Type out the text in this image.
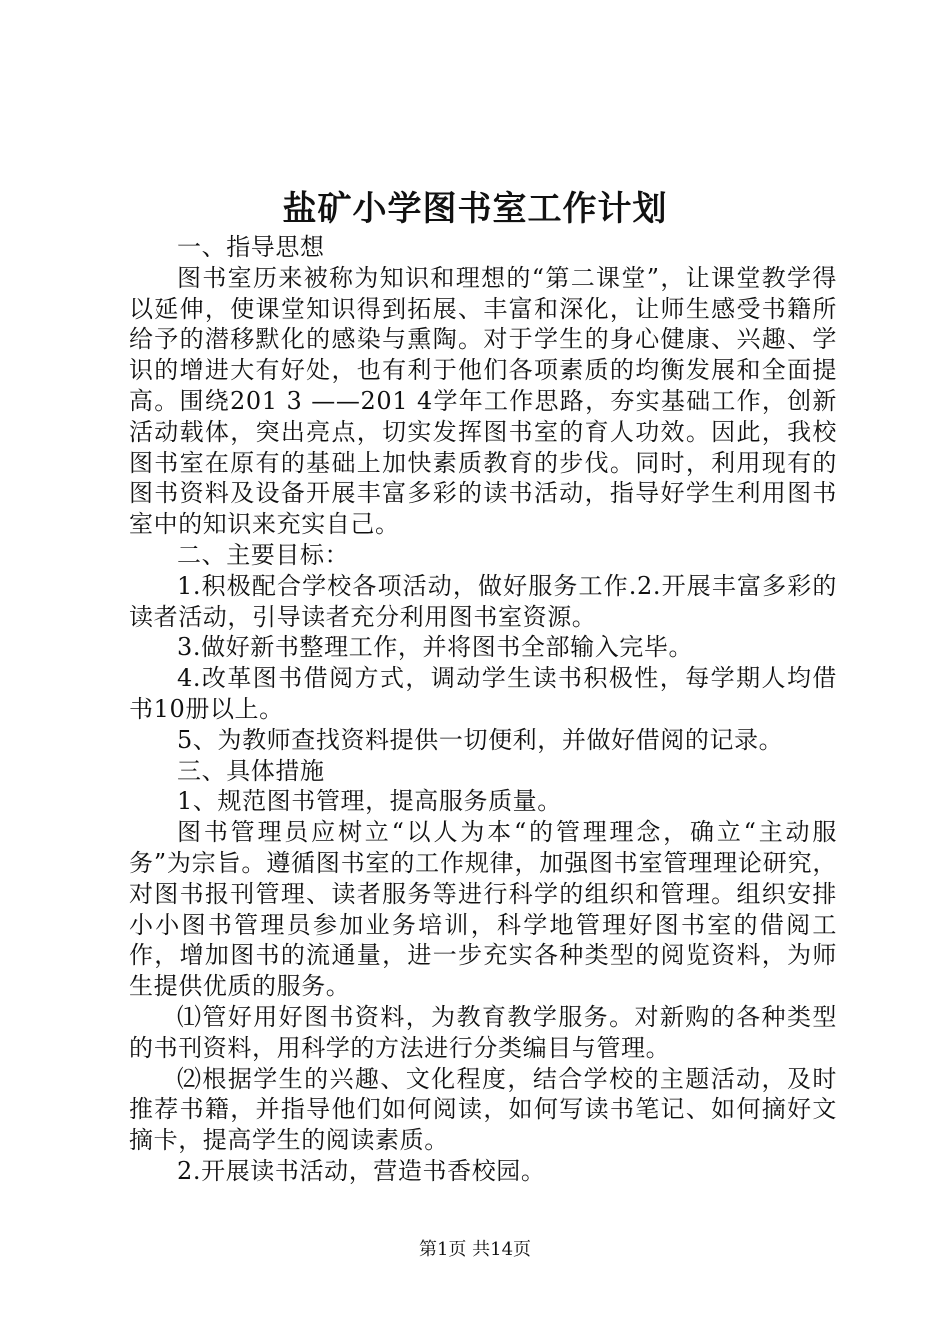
盐矿小学图书室工作计划

一、指导思想

图书室历来被称为知识和理想的“第二课堂”，让课堂教学得以延伸，使课堂知识得到拓展、丰富和深化，让师生感受书籍所给予的潜移默化的感染与熏陶。对于学生的身心健康、兴趣、学识的增进大有好处，也有利于他们各项素质的均衡发展和全面提高。围绕201 3 ——201 4学年工作思路，夯实基础工作，创新活动载体，突出亮点，切实发挥图书室的育人功效。因此，我校图书室在原有的基础上加快素质教育的步伐。同时，利用现有的图书资料及设备开展丰富多彩的读书活动，指导好学生利用图书室中的知识来充实自己。

二、主要目标：

1.积极配合学校各项活动，做好服务工作.2.开展丰富多彩的读者活动，引导读者充分利用图书室资源。

3.做好新书整理工作，并将图书全部输入完毕。

4.改革图书借阅方式，调动学生读书积极性，每学期人均借书10册以上。

5、为教师查找资料提供一切便利，并做好借阅的记录。

三、具体措施

1、规范图书管理，提高服务质量。

图书管理员应树立“以人为本“的管理理念，确立“主动服务”为宗旨。遵循图书室的工作规律，加强图书室管理理论研究，对图书报刊管理、读者服务等进行科学的组织和管理。组织安排小小图书管理员参加业务培训，科学地管理好图书室的借阅工作，增加图书的流通量，进一步充实各种类型的阅览资料，为师生提供优质的服务。

⑴管好用好图书资料，为教育教学服务。对新购的各种类型的书刊资料，用科学的方法进行分类编目与管理。

⑵根据学生的兴趣、文化程度，结合学校的主题活动，及时推荐书籍，并指导他们如何阅读，如何写读书笔记、如何摘好文摘卡，提高学生的阅读素质。

2.开展读书活动，营造书香校园。

第1页 共14页
